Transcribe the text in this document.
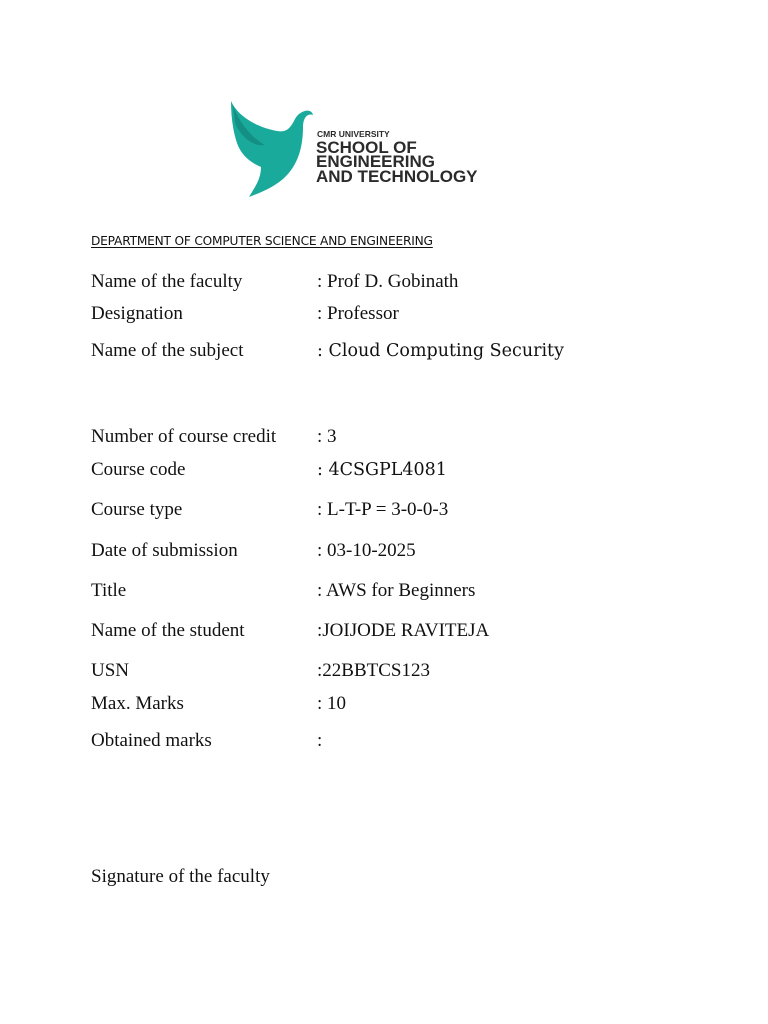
CMR UNIVERSITY
SCHOOL OF
ENGINEERING
AND TECHNOLOGY
DEPARTMENT OF COMPUTER SCIENCE AND ENGINEERING
Name of the faculty	: Prof D. Gobinath
Designation	: Professor
Name of the subject	: Cloud Computing Security
Number of course credit : 3
Course code	: 4CSGPL4081
Course type	: L-T-P = 3-0-0-3
Date of submission	: 03-10-2025
Title	: AWS for Beginners
Name of the student	:JOIJODE RAVITEJA
USN	:22BBTCS123
Max. Marks	: 10
Obtained marks	:
Signature of the faculty
